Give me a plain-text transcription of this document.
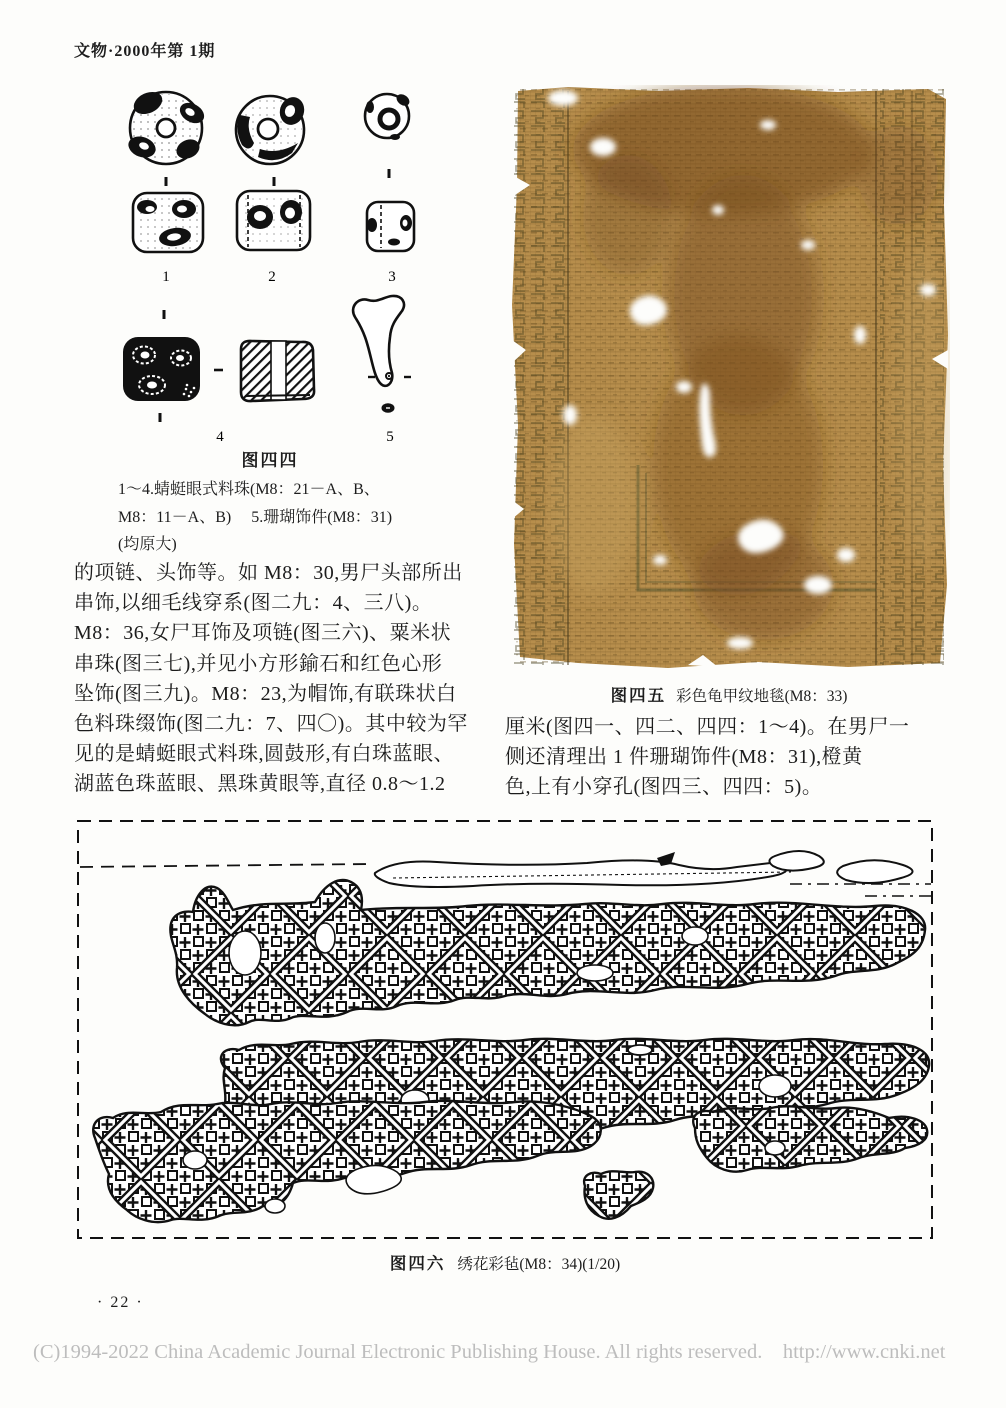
文物·2000年第 1期
1	2	3
4	5
图四四
1～4.蜻蜓眼式料珠(M8：21－A、B、
M8：11－A、B)　 5.珊瑚饰件(M8：31)
(均原大)
的项链、头饰等。如 M8：30,男尸头部所出
串饰,以细毛线穿系(图二九：4、三八)。
M8：36,女尸耳饰及项链(图三六)、粟米状
串珠(图三七),并见小方形鍮石和红色心形
坠饰(图三九)。M8：23,为帽饰,有联珠状白
色料珠缀饰(图二九：7、四〇)。其中较为罕
见的是蜻蜓眼式料珠,圆鼓形,有白珠蓝眼、
湖蓝色珠蓝眼、黑珠黄眼等,直径 0.8～1.2
图四五 彩色龟甲纹地毯(M8：33)
厘米(图四一、四二、四四：1～4)。在男尸一
侧还清理出 1 件珊瑚饰件(M8：31),橙黄
色,上有小穿孔(图四三、四四：5)。
图四六 绣花彩毡(M8：34)(1/20)
· 22 ·
(C)1994-2022 China Academic Journal Electronic Publishing House. All rights reserved.    http://www.cnki.net
